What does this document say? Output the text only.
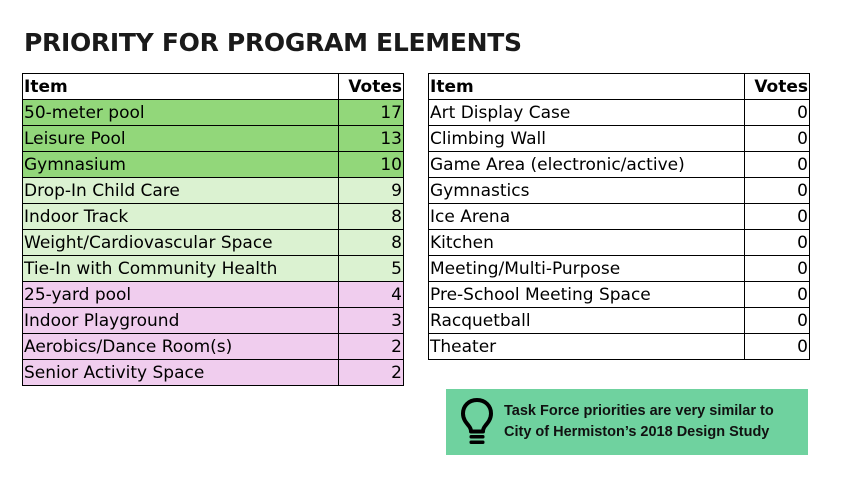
PRIORITY FOR PROGRAM ELEMENTS
Item	Votes
50-meter pool	17
Leisure Pool	13
Gymnasium	10
Drop-In Child Care	9
Indoor Track	8
Weight/Cardiovascular Space	8
Tie-In with Community Health	5
25-yard pool	4
Indoor Playground	3
Aerobics/Dance Room(s)	2
Senior Activity Space	2
Item	Votes
Art Display Case	0
Climbing Wall	0
Game Area (electronic/active)	0
Gymnastics	0
Ice Arena	0
Kitchen	0
Meeting/Multi-Purpose	0
Pre-School Meeting Space	0
Racquetball	0
Theater	0
Task Force priorities are very similar to
City of Hermiston’s 2018 Design Study
